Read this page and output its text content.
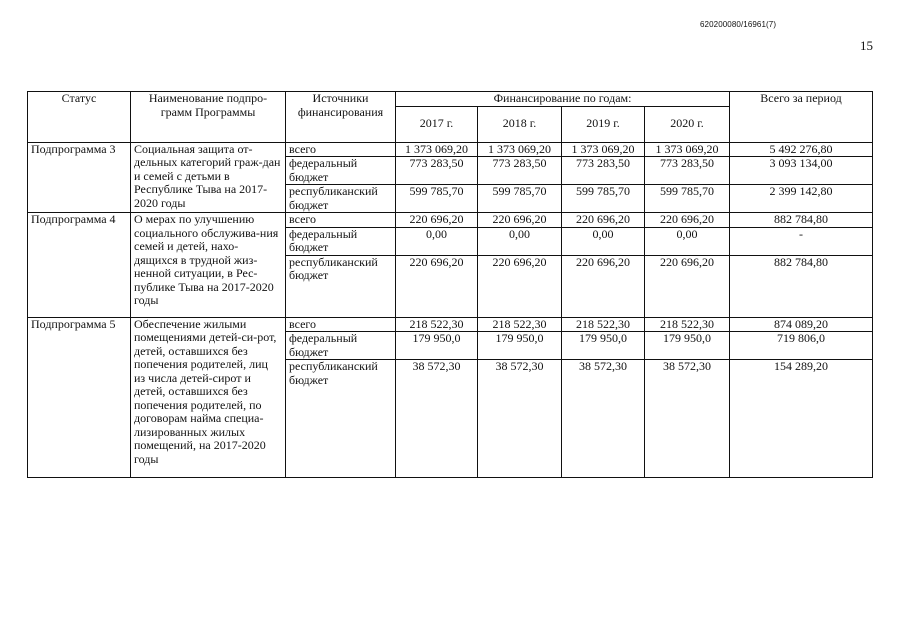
620200080/16961(7)
15
Статус	Наименование подпро-грамм Программы	Источники финансирования	Финансирование по годам:				Всего за период
			2017 г.	2018 г.	2019 г.	2020 г.	
Подпрограмма 3	Социальная защита от-дельных категорий граж-дан и семей с детьми в Республике Тыва на 2017-2020 годы	всего	1 373 069,20	1 373 069,20	1 373 069,20	1 373 069,20	5 492 276,80
		федеральный бюджет	773 283,50	773 283,50	773 283,50	773 283,50	3 093 134,00
		республиканский бюджет	599 785,70	599 785,70	599 785,70	599 785,70	2 399 142,80
Подпрограмма 4	О мерах по улучшению социального обслужива-ния семей и детей, нахо-дящихся в трудной жиз-ненной ситуации, в Рес-публике Тыва на 2017-2020 годы	всего	220 696,20	220 696,20	220 696,20	220 696,20	882 784,80
		федеральный бюджет	0,00	0,00	0,00	0,00	-
		республиканский бюджет	220 696,20	220 696,20	220 696,20	220 696,20	882 784,80
Подпрограмма 5	Обеспечение жилыми помещениями детей-си-рот, детей, оставшихся без попечения родителей, лиц из числа детей-сирот и детей, оставшихся без попечения родителей, по договорам найма специа-лизированных жилых помещений, на 2017-2020 годы	всего	218 522,30	218 522,30	218 522,30	218 522,30	874 089,20
		федеральный бюджет	179 950,0	179 950,0	179 950,0	179 950,0	719 806,0
		республиканский бюджет	38 572,30	38 572,30	38 572,30	38 572,30	154 289,20
